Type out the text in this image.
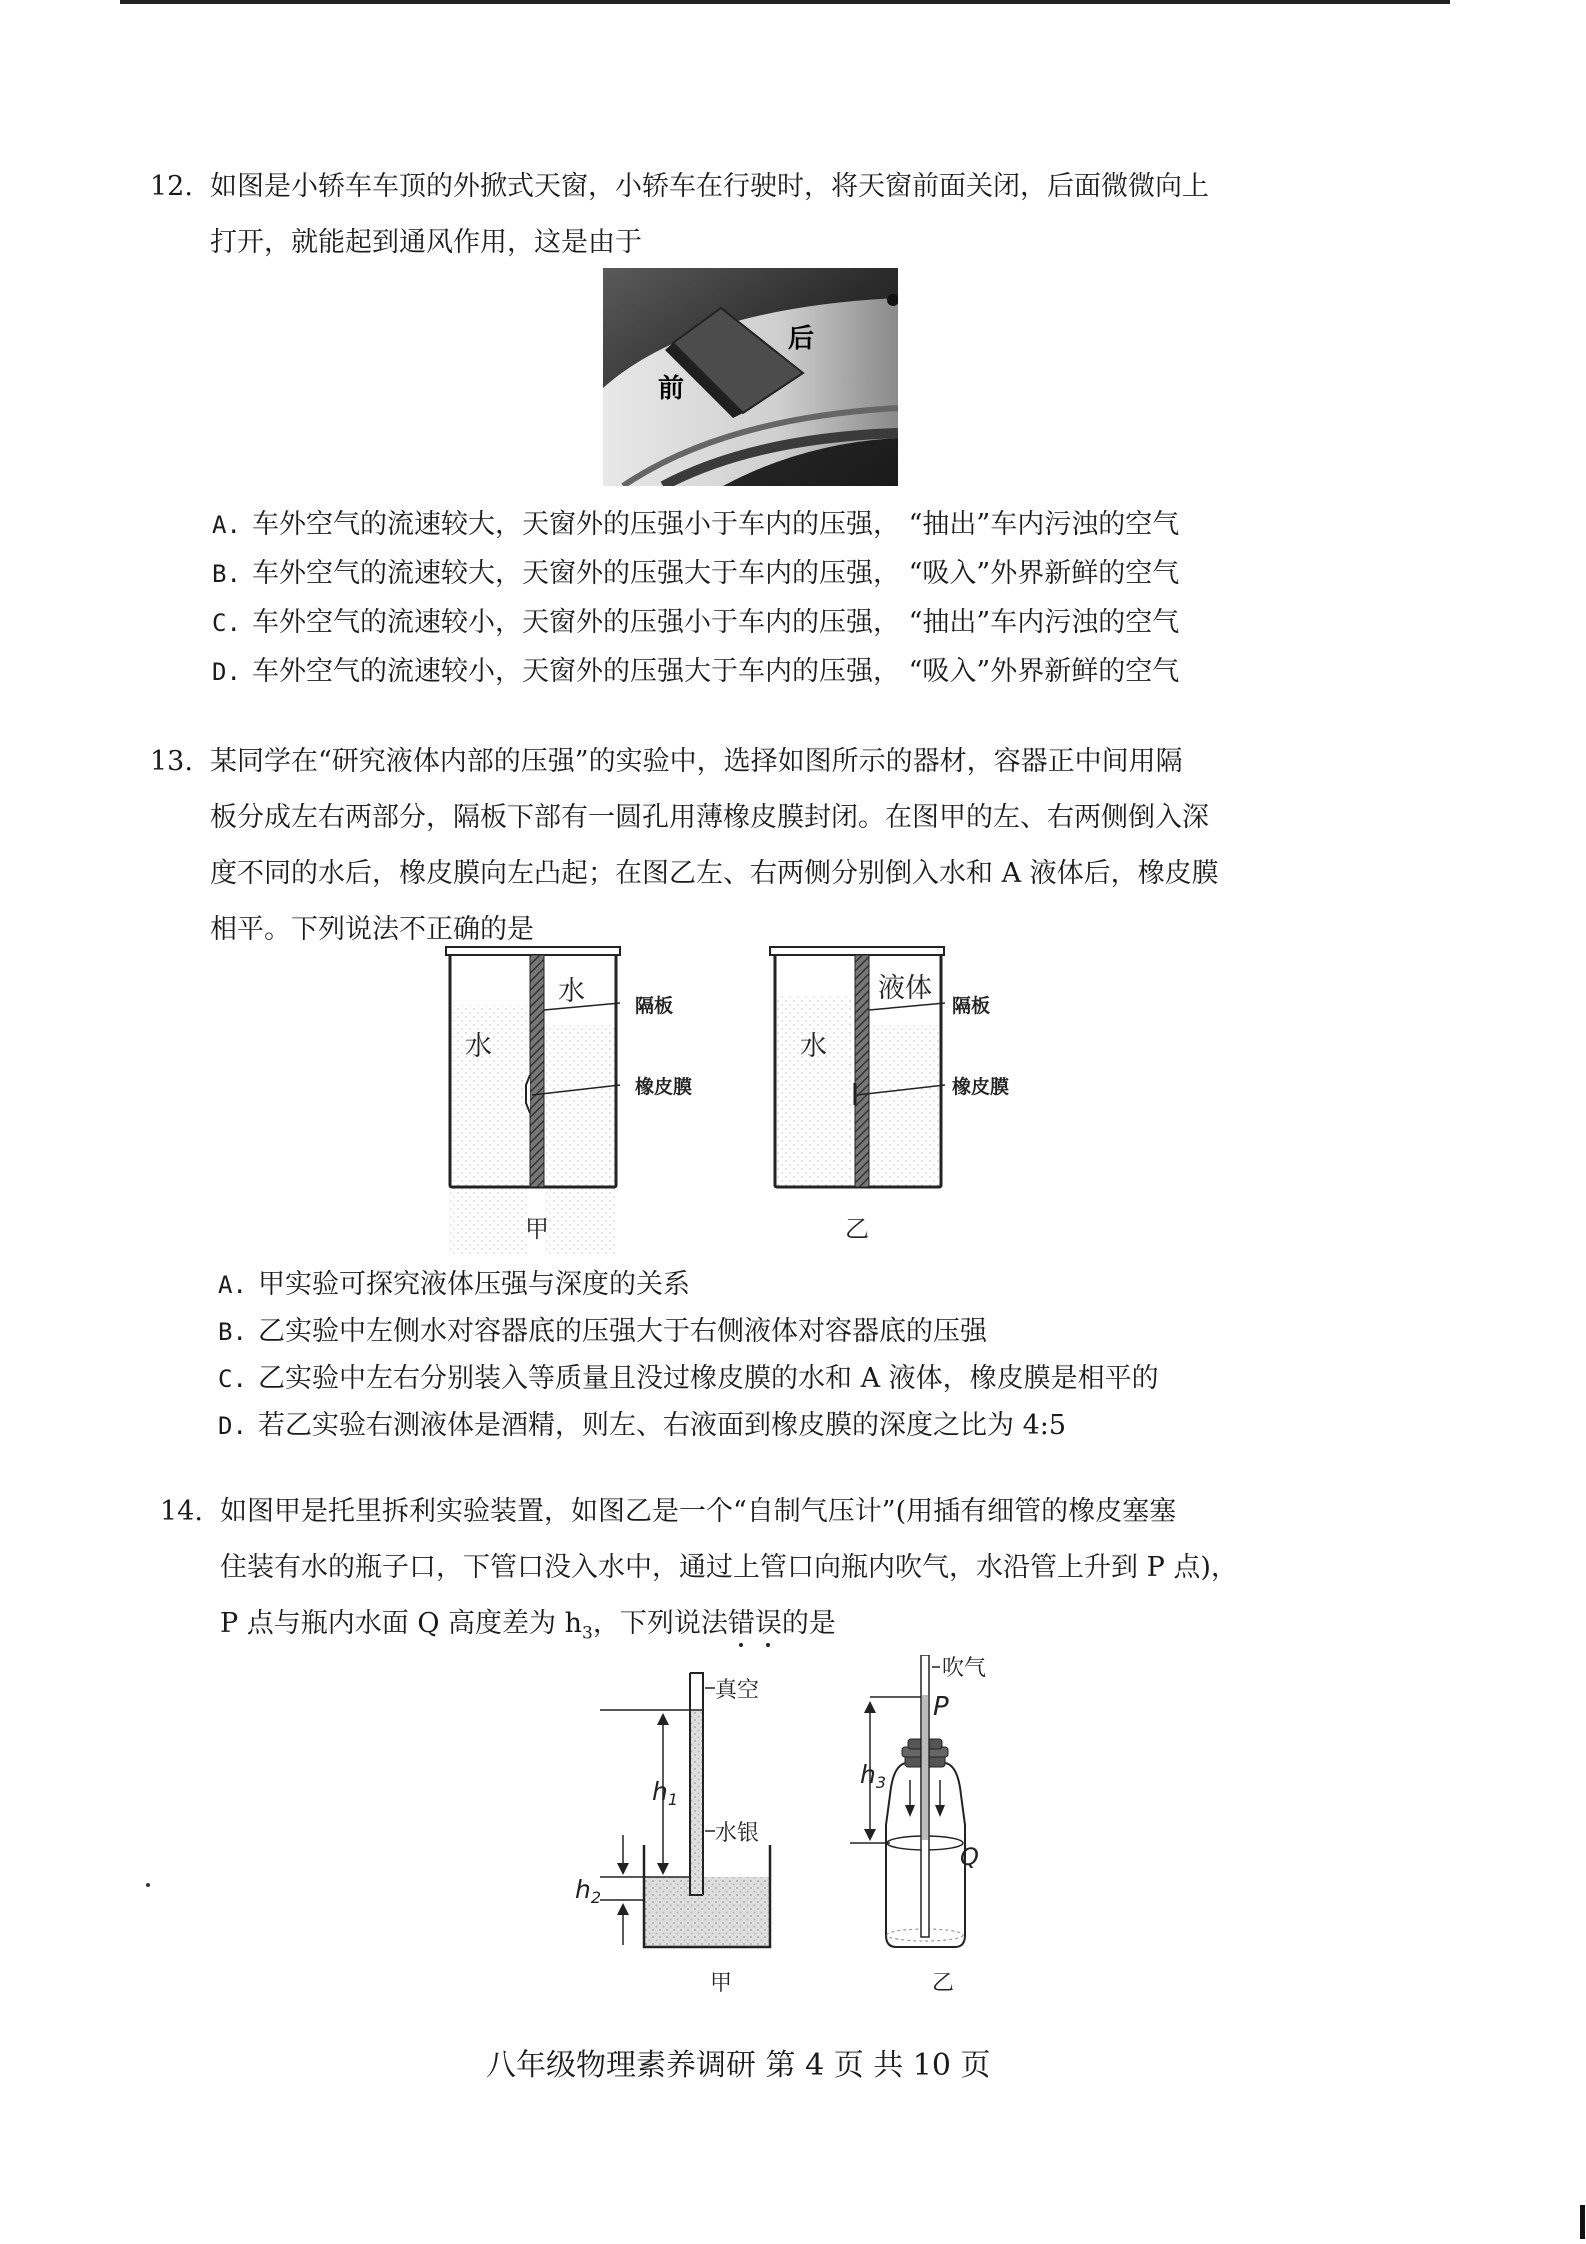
12. 如图是小轿车车顶的外掀式天窗，小轿车在行驶时，将天窗前面关闭，后面微微向上
打开，就能起到通风作用，这是由于
前
后
A. 车外空气的流速较大，天窗外的压强小于车内的压强， “抽出”车内污浊的空气
B. 车外空气的流速较大，天窗外的压强大于车内的压强， “吸入”外界新鲜的空气
C. 车外空气的流速较小，天窗外的压强小于车内的压强， “抽出”车内污浊的空气
D. 车外空气的流速较小，天窗外的压强大于车内的压强， “吸入”外界新鲜的空气
13. 某同学在“研究液体内部的压强”的实验中，选择如图所示的器材，容器正中间用隔
板分成左右两部分，隔板下部有一圆孔用薄橡皮膜封闭。在图甲的左、右两侧倒入深
度不同的水后，橡皮膜向左凸起；在图乙左、右两侧分别倒入水和 A 液体后，橡皮膜
相平。下列说法不正确的是
水
水	隔板
橡皮膜
甲
水
液体
隔板
橡皮膜
乙
A. 甲实验可探究液体压强与深度的关系
B. 乙实验中左侧水对容器底的压强大于右侧液体对容器底的压强
C. 乙实验中左右分别装入等质量且没过橡皮膜的水和 A 液体，橡皮膜是相平的
D. 若乙实验右测液体是酒精，则左、右液面到橡皮膜的深度之比为 4:5
14. 如图甲是托里拆利实验装置，如图乙是一个“自制气压计”(用插有细管的橡皮塞塞
住装有水的瓶子口，下管口没入水中，通过上管口向瓶内吹气，水沿管上升到 P 点)，
P 点与瓶内水面 Q 高度差为 $h_3$，下列说法错误的是
真空
$h_1$
水银
$h_2$
甲
吹气
P
$h_3$
Q
乙
八年级物理素养调研 第 4 页 共 10 页
